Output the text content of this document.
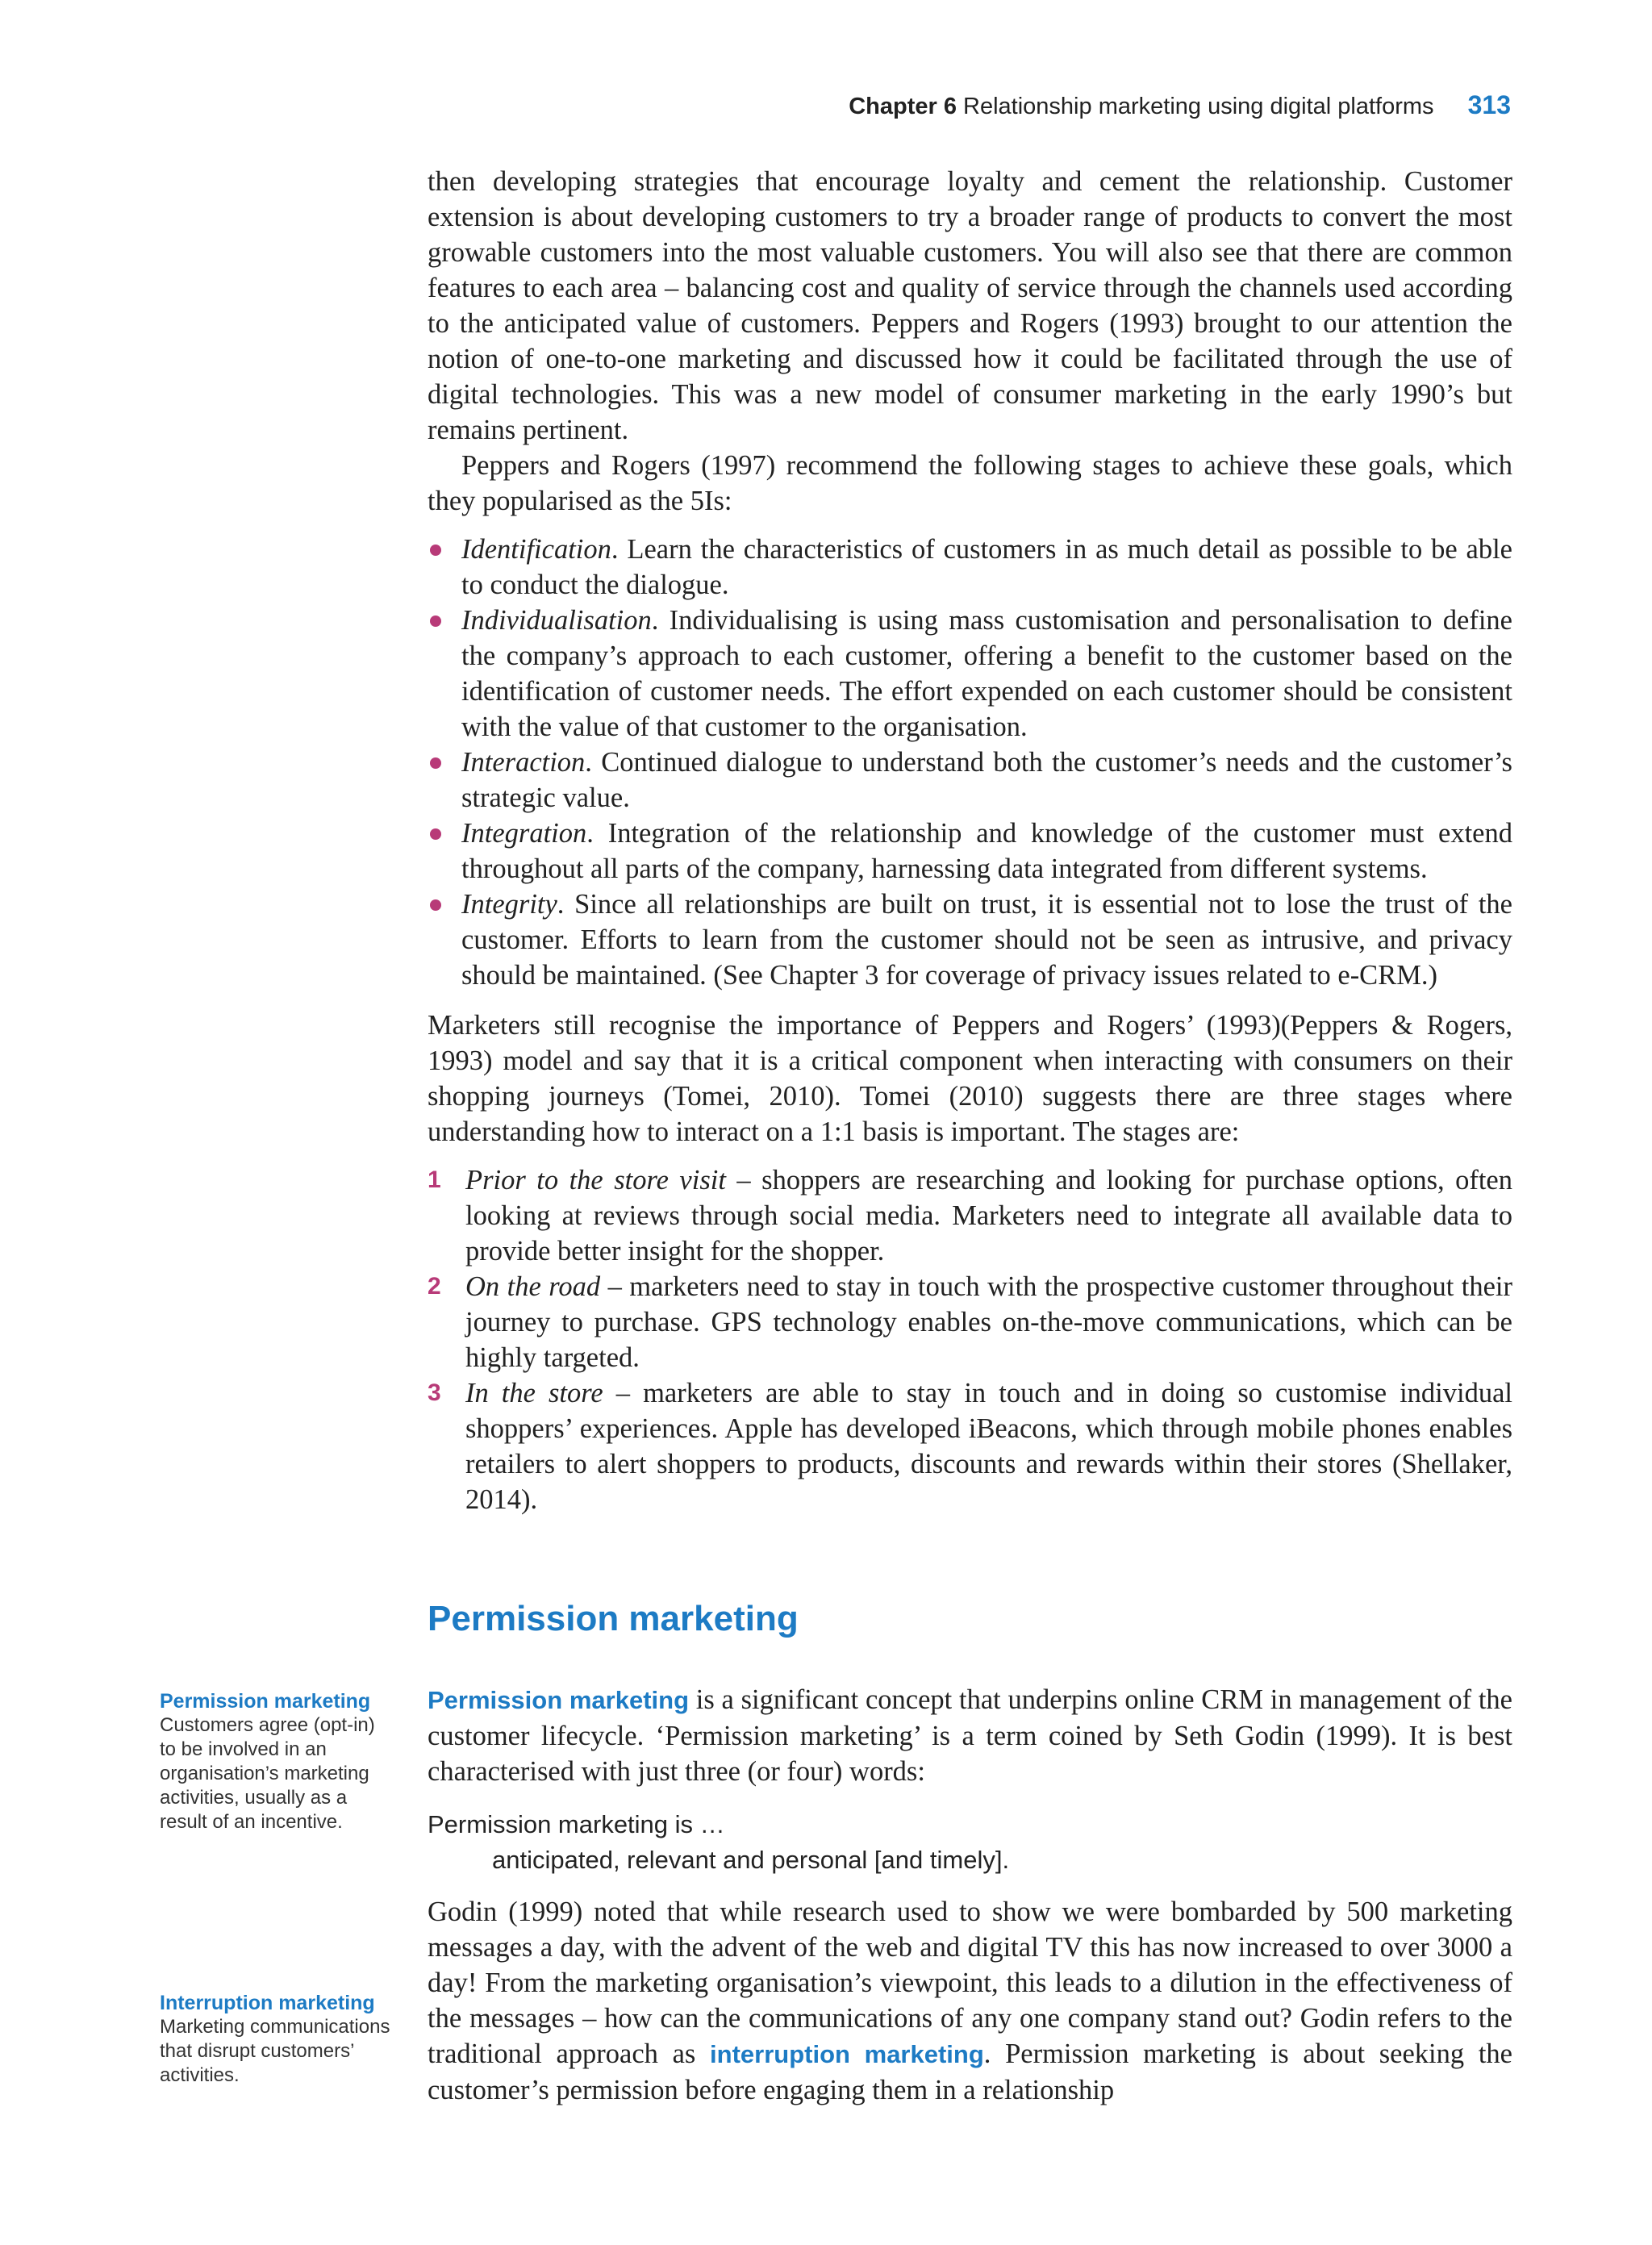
Chapter 6 Relationship marketing using digital platforms 313

then developing strategies that encourage loyalty and cement the relationship. Customer extension is about developing customers to try a broader range of products to convert the most growable customers into the most valuable customers. You will also see that there are common features to each area – balancing cost and quality of service through the channels used according to the anticipated value of customers. Peppers and Rogers (1993) brought to our attention the notion of one-to-one marketing and discussed how it could be facilitated through the use of digital technologies. This was a new model of consumer marketing in the early 1990’s but remains pertinent.

Peppers and Rogers (1997) recommend the following stages to achieve these goals, which they popularised as the 5Is:

Identification. Learn the characteristics of customers in as much detail as possible to be able to conduct the dialogue.
Individualisation. Individualising is using mass customisation and personalisation to define the company’s approach to each customer, offering a benefit to the customer based on the identification of customer needs. The effort expended on each customer should be consistent with the value of that customer to the organisation.
Interaction. Continued dialogue to understand both the customer’s needs and the customer’s strategic value.
Integration. Integration of the relationship and knowledge of the customer must extend throughout all parts of the company, harnessing data integrated from different systems.
Integrity. Since all relationships are built on trust, it is essential not to lose the trust of the customer. Efforts to learn from the customer should not be seen as intrusive, and privacy should be maintained. (See Chapter 3 for coverage of privacy issues related to e-CRM.)

Marketers still recognise the importance of Peppers and Rogers’ (1993)(Peppers & Rogers, 1993) model and say that it is a critical component when interacting with consumers on their shopping journeys (Tomei, 2010). Tomei (2010) suggests there are three stages where understanding how to interact on a 1:1 basis is important. The stages are:

1 Prior to the store visit – shoppers are researching and looking for purchase options, often looking at reviews through social media. Marketers need to integrate all available data to provide better insight for the shopper.
2 On the road – marketers need to stay in touch with the prospective customer throughout their journey to purchase. GPS technology enables on-the-move communications, which can be highly targeted.
3 In the store – marketers are able to stay in touch and in doing so customise individual shoppers’ experiences. Apple has developed iBeacons, which through mobile phones enables retailers to alert shoppers to products, discounts and rewards within their stores (Shellaker, 2014).
Permission marketing

Permission marketing is a significant concept that underpins online CRM in management of the customer lifecycle. ‘Permission marketing’ is a term coined by Seth Godin (1999). It is best characterised with just three (or four) words:

Permission marketing is …
anticipated, relevant and personal [and timely].

Godin (1999) noted that while research used to show we were bombarded by 500 marketing messages a day, with the advent of the web and digital TV this has now increased to over 3000 a day! From the marketing organisation’s viewpoint, this leads to a dilution in the effectiveness of the messages – how can the communications of any one company stand out? Godin refers to the traditional approach as interruption marketing. Permission marketing is about seeking the customer’s permission before engaging them in a relationship

Permission marketing
Customers agree (opt-in) to be involved in an organisation’s marketing activities, usually as a result of an incentive.
Interruption marketing
Marketing communications that disrupt customers’ activities.
